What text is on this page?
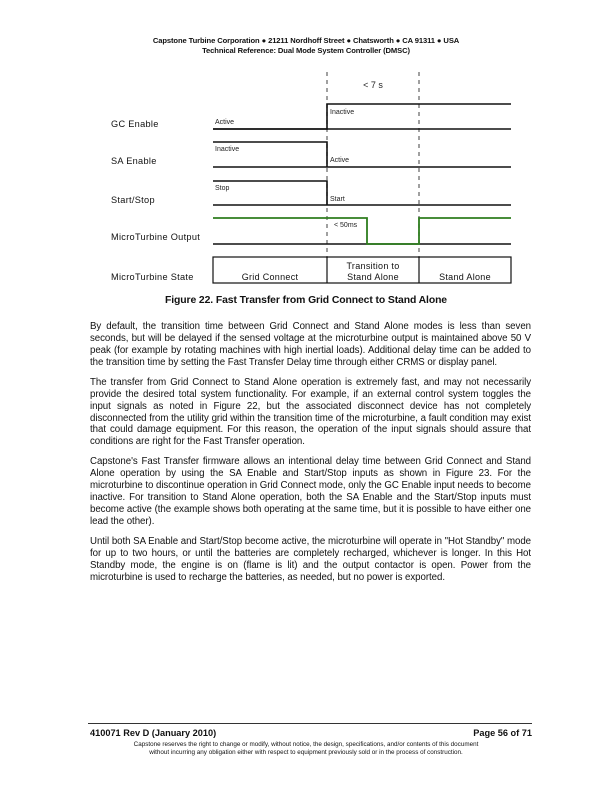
Capstone Turbine Corporation ● 21211 Nordhoff Street ● Chatsworth ● CA 91311 ● USA
Technical Reference: Dual Mode System Controller (DMSC)
GC Enable
SA Enable
Start/Stop
MicroTurbine Output
MicroTurbine State
< 7 s
Active
Inactive
Inactive
Active
Stop
Start
< 50ms
Grid Connect
Transition to
Stand Alone	Stand Alone
Figure 22. Fast Transfer from Grid Connect to Stand Alone

By default, the transition time between Grid Connect and Stand Alone modes is less than seven seconds, but will be delayed if the sensed voltage at the microturbine output is maintained above 50 V peak (for example by rotating machines with high inertial loads). Additional delay time can be added to the transition time by setting the Fast Transfer Delay time through either CRMS or display panel.

The transfer from Grid Connect to Stand Alone operation is extremely fast, and may not necessarily provide the desired total system functionality. For example, if an external control system toggles the input signals as noted in Figure 22, but the associated disconnect device has not completely disconnected from the utility grid within the transition time of the microturbine, a fault condition may exist that could damage equipment. For this reason, the operation of the input signals should assure that conditions are right for the Fast Transfer operation.

Capstone's Fast Transfer firmware allows an intentional delay time between Grid Connect and Stand Alone operation by using the SA Enable and Start/Stop inputs as shown in Figure 23. For the microturbine to discontinue operation in Grid Connect mode, only the GC Enable input needs to become inactive. For transition to Stand Alone operation, both the SA Enable and the Start/Stop inputs must become active (the example shows both operating at the same time, but it is possible to have either one lead the other).

Until both SA Enable and Start/Stop become active, the microturbine will operate in "Hot Standby" mode for up to two hours, or until the batteries are completely recharged, whichever is longer. In this Hot Standby mode, the engine is on (flame is lit) and the output contactor is open. Power from the microturbine is used to recharge the batteries, as needed, but no power is exported.

410071 Rev D (January 2010)	Page 56 of 71
Capstone reserves the right to change or modify, without notice, the design, specifications, and/or contents of this document
without incurring any obligation either with respect to equipment previously sold or in the process of construction.
